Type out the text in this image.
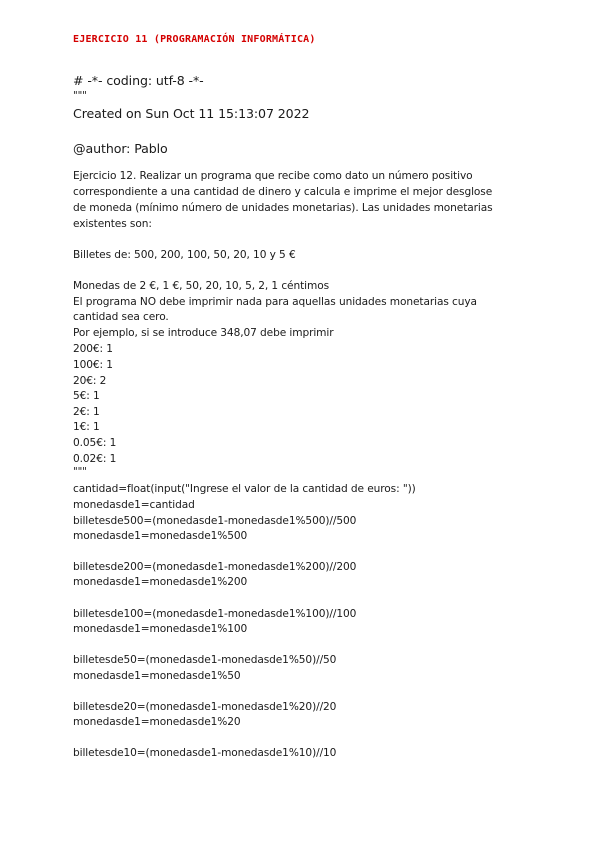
EJERCICIO 11 (PROGRAMACIÓN INFORMÁTICA)
# -*- coding: utf-8 -*-
"""
Created on Sun Oct 11 15:13:07 2022
@author: Pablo
Ejercicio 12. Realizar un programa que recibe como dato un número positivo
correspondiente a una cantidad de dinero y calcula e imprime el mejor desglose
de moneda (mínimo número de unidades monetarias). Las unidades monetarias
existentes son:
Billetes de: 500, 200, 100, 50, 20, 10 y 5 €
Monedas de 2 €, 1 €, 50, 20, 10, 5, 2, 1 céntimos
El programa NO debe imprimir nada para aquellas unidades monetarias cuya
cantidad sea cero.
Por ejemplo, si se introduce 348,07 debe imprimir
200€: 1
100€: 1
20€: 2
5€: 1
2€: 1
1€: 1
0.05€: 1
0.02€: 1
"""
cantidad=float(input("Ingrese el valor de la cantidad de euros: "))
monedasde1=cantidad
billetesde500=(monedasde1-monedasde1%500)//500
monedasde1=monedasde1%500
billetesde200=(monedasde1-monedasde1%200)//200
monedasde1=monedasde1%200
billetesde100=(monedasde1-monedasde1%100)//100
monedasde1=monedasde1%100
billetesde50=(monedasde1-monedasde1%50)//50
monedasde1=monedasde1%50
billetesde20=(monedasde1-monedasde1%20)//20
monedasde1=monedasde1%20
billetesde10=(monedasde1-monedasde1%10)//10
